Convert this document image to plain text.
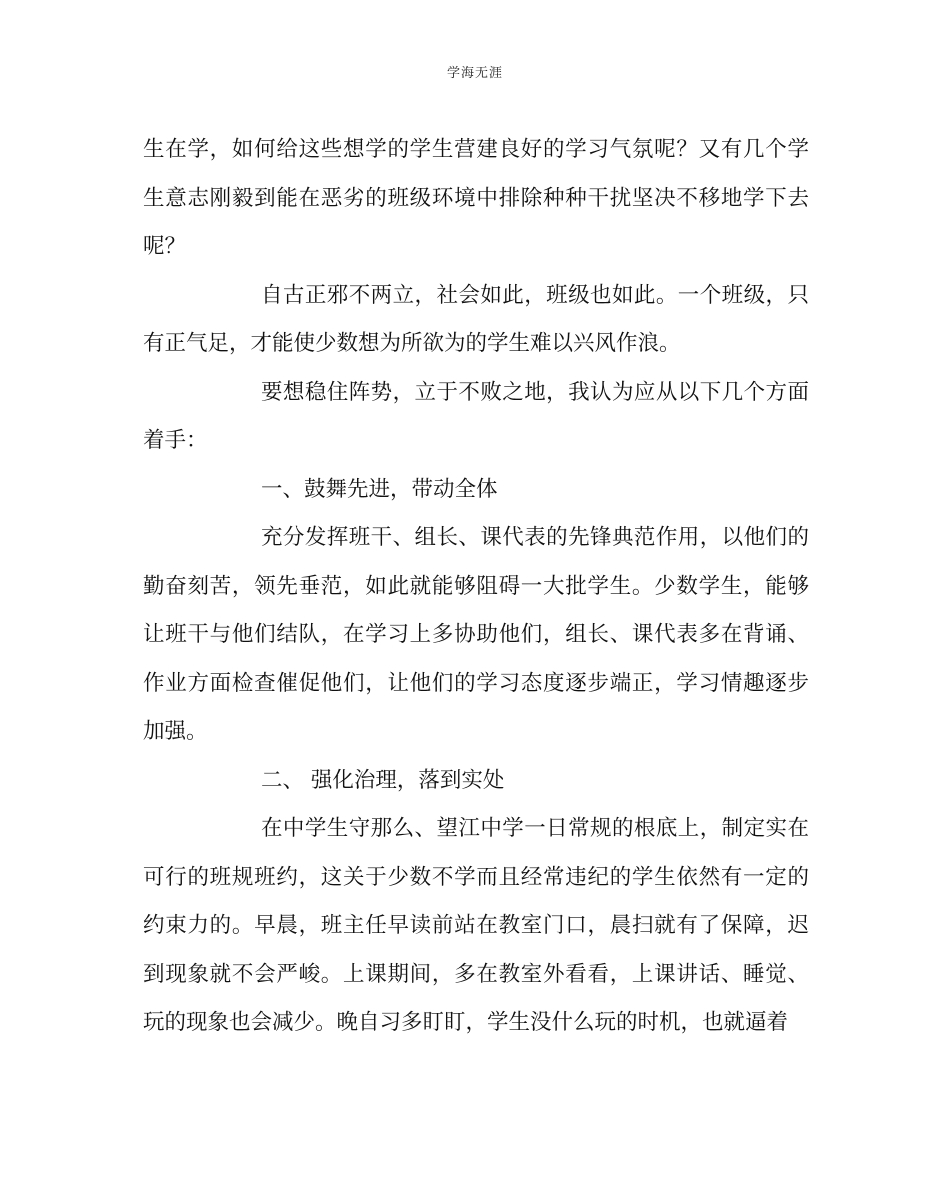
学海无涯

生在学，如何给这些想学的学生营建良好的学习气氛呢？又有几个学生意志刚毅到能在恶劣的班级环境中排除种种干扰坚决不移地学下去呢？

自古正邪不两立，社会如此，班级也如此。一个班级，只有正气足，才能使少数想为所欲为的学生难以兴风作浪。

要想稳住阵势，立于不败之地，我认为应从以下几个方面着手：

一、鼓舞先进，带动全体

充分发挥班干、组长、课代表的先锋典范作用，以他们的勤奋刻苦，领先垂范，如此就能够阻碍一大批学生。少数学生，能够让班干与他们结队，在学习上多协助他们，组长、课代表多在背诵、作业方面检查催促他们，让他们的学习态度逐步端正，学习情趣逐步加强。

二、 强化治理，落到实处

在中学生守那么、望江中学一日常规的根底上，制定实在可行的班规班约，这关于少数不学而且经常违纪的学生依然有一定的约束力的。早晨，班主任早读前站在教室门口，晨扫就有了保障，迟到现象就不会严峻。上课期间，多在教室外看看，上课讲话、睡觉、玩的现象也会减少。晚自习多盯盯，学生没什么玩的时机，也就逼着
